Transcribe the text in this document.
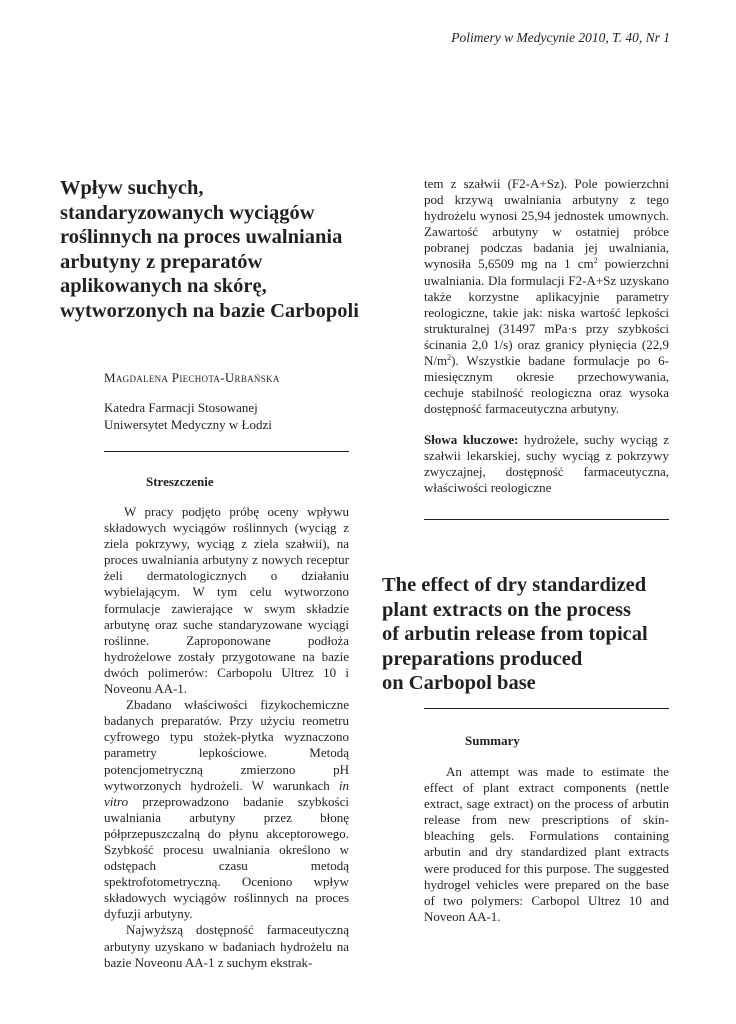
Polimery w Medycynie 2010, T. 40, Nr 1
Wpływ suchych, standaryzowanych wyciągów roślinnych na proces uwalniania arbutyny z preparatów aplikowanych na skórę, wytworzonych na bazie Carbopoli
Magdalena Piechota-Urbańska
Katedra Farmacji Stosowanej
Uniwersytet Medyczny w Łodzi
Streszczenie

W pracy podjęto próbę oceny wpływu składowych wyciągów roślinnych (wyciąg z ziela pokrzywy, wyciąg z ziela szałwii), na proces uwalniania arbutyny z nowych receptur żeli dermatologicznych o działaniu wybielającym. W tym celu wytworzono formulacje zawierające w swym składzie arbutynę oraz suche standaryzowane wyciągi roślinne. Zaproponowane podłoża hydrożelowe zostały przygotowane na bazie dwóch polimerów: Carbopolu Ultrez 10 i Noveonu AA-1.

Zbadano właściwości fizykochemiczne badanych preparatów. Przy użyciu reometru cyfrowego typu stożek-płytka wyznaczono parametry lepkościowe. Metodą potencjometryczną zmierzono pH wytworzonych hydrożeli. W warunkach in vitro przeprowadzono badanie szybkości uwalniania arbutyny przez błonę półprzepuszczalną do płynu akceptorowego. Szybkość procesu uwalniania określono w odstępach czasu metodą spektrofotometryczną. Oceniono wpływ składowych wyciągów roślinnych na proces dyfuzji arbutyny.

Najwyższą dostępność farmaceutyczną arbutyny uzyskano w badaniach hydrożelu na bazie Noveonu AA-1 z suchym ekstrak-

tem z szałwii (F2-A+Sz). Pole powierzchni pod krzywą uwalniania arbutyny z tego hydrożelu wynosi 25,94 jednostek umownych. Zawartość arbutyny w ostatniej próbce pobranej podczas badania jej uwalniania, wynosiła 5,6509 mg na 1 $cm^2$ powierzchni uwalniania. Dla formulacji F2-A+Sz uzyskano także korzystne aplikacyjnie parametry reologiczne, takie jak: niska wartość lepkości strukturalnej (31497 mPa·s przy szybkości ścinania 2,0 1/s) oraz granicy płynięcia (22,9 $N/m^2$). Wszystkie badane formulacje po 6-miesięcznym okresie przechowywania, cechuje stabilność reologiczna oraz wysoka dostępność farmaceutyczna arbutyny.

Słowa kluczowe: hydrożele, suchy wyciąg z szałwii lekarskiej, suchy wyciąg z pokrzywy zwyczajnej, dostępność farmaceutyczna, właściwości reologiczne
The effect of dry standardized
plant extracts on the process
of arbutin release from topical
preparations produced
on Carbopol base
Summary

An attempt was made to estimate the effect of plant extract components (nettle extract, sage extract) on the process of arbutin release from new prescriptions of skin-bleaching gels. Formulations containing arbutin and dry standardized plant extracts were produced for this purpose. The suggested hydrogel vehicles were prepared on the base of two polymers: Carbopol Ultrez 10 and Noveon AA-1.
